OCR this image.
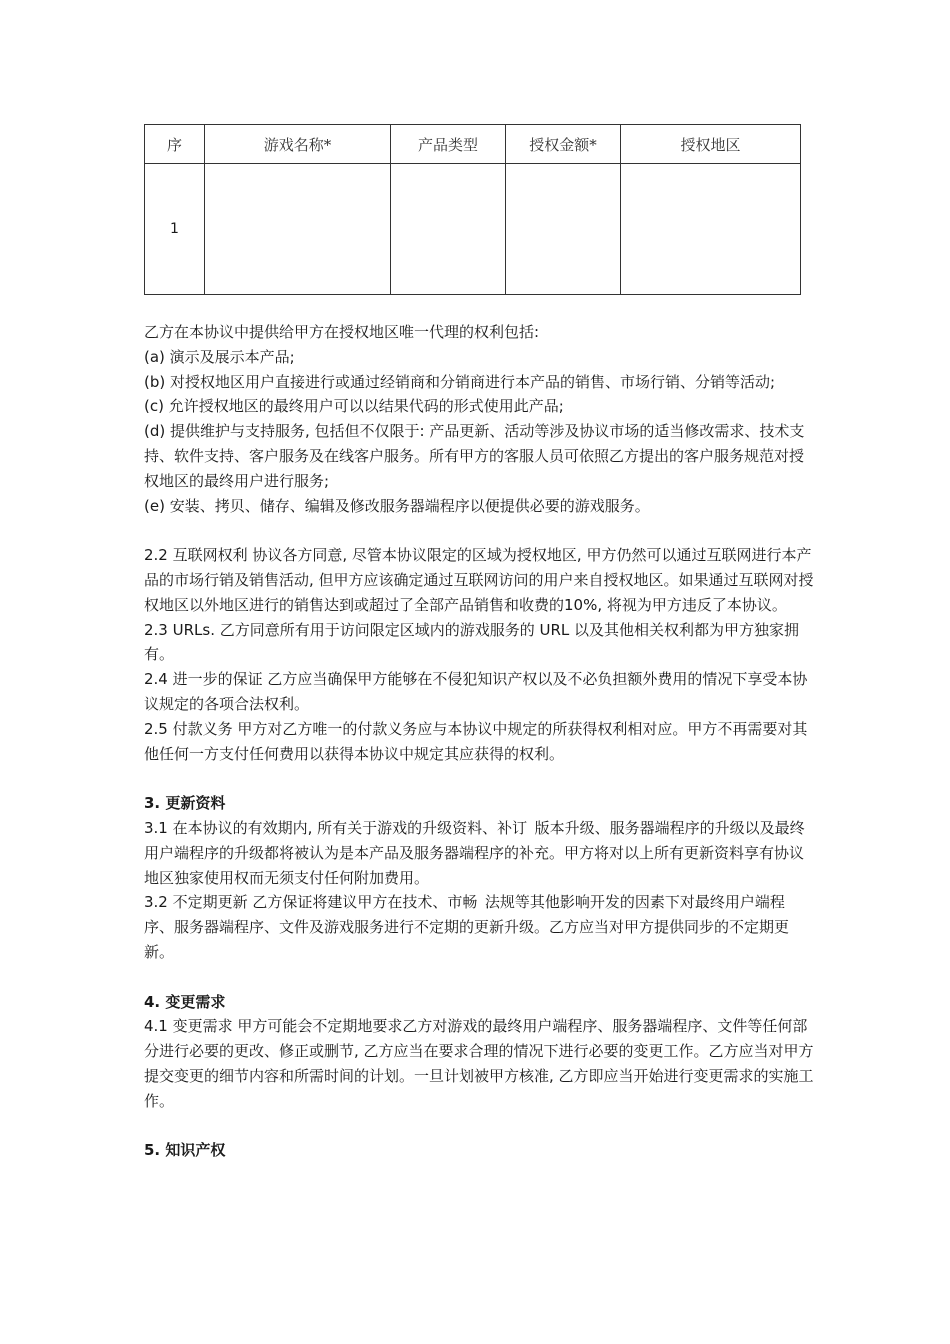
序	游戏名称*	产品类型	授权金额*	授权地区
1				

乙方在本协议中提供给甲方在授权地区唯一代理的权利包括:

(a) 演示及展示本产品;

(b) 对授权地区用户直接进行或通过经销商和分销商进行本产品的销售、市场行销、分销等活动;

(c) 允许授权地区的最终用户可以以结果代码的形式使用此产品;

(d) 提供维护与支持服务, 包括但不仅限于: 产品更新、活动等涉及协议市场的适当修改需求、技术支持、软件支持、客户服务及在线客户服务。所有甲方的客服人员可依照乙方提出的客户服务规范对授权地区的最终用户进行服务;

(e) 安装、拷贝、储存、编辑及修改服务器端程序以便提供必要的游戏服务。

2.2 互联网权利 协议各方同意, 尽管本协议限定的区域为授权地区, 甲方仍然可以通过互联网进行本产品的市场行销及销售活动, 但甲方应该确定通过互联网访问的用户来自授权地区。如果通过互联网对授权地区以外地区进行的销售达到或超过了全部产品销售和收费的10%, 将视为甲方违反了本协议。

2.3 URLs. 乙方同意所有用于访问限定区域内的游戏服务的 URL 以及其他相关权利都为甲方独家拥有。

2.4 进一步的保证 乙方应当确保甲方能够在不侵犯知识产权以及不必负担额外费用的情况下享受本协议规定的各项合法权利。

2.5 付款义务 甲方对乙方唯一的付款义务应与本协议中规定的所获得权利相对应。甲方不再需要对其他任何一方支付任何费用以获得本协议中规定其应获得的权利。

3. 更新资料

3.1 在本协议的有效期内, 所有关于游戏的升级资料、补订 版本升级、服务器端程序的升级以及最终用户端程序的升级都将被认为是本产品及服务器端程序的补充。甲方将对以上所有更新资料享有协议地区独家使用权而无须支付任何附加费用。

3.2 不定期更新 乙方保证将建议甲方在技术、市畅 法规等其他影响开发的因素下对最终用户端程序、服务器端程序、文件及游戏服务进行不定期的更新升级。乙方应当对甲方提供同步的不定期更新。

4. 变更需求

4.1 变更需求 甲方可能会不定期地要求乙方对游戏的最终用户端程序、服务器端程序、文件等任何部分进行必要的更改、修正或删节, 乙方应当在要求合理的情况下进行必要的变更工作。乙方应当对甲方提交变更的细节内容和所需时间的计划。一旦计划被甲方核准, 乙方即应当开始进行变更需求的实施工作。

5. 知识产权
